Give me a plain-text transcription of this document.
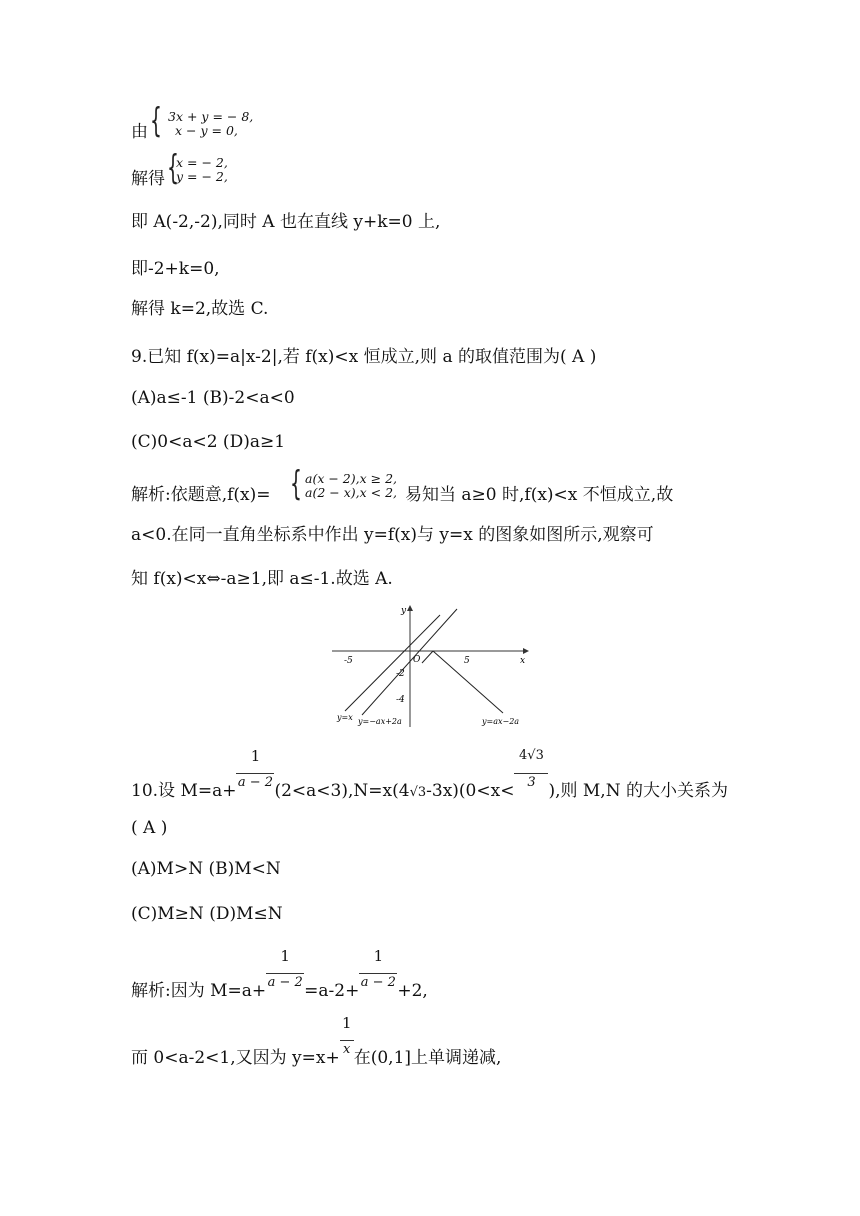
由 { 3x + y = − 8,
x − y = 0,
解得 {
x = − 2,
y = − 2,
即 A(-2,-2),同时 A 也在直线 y+k=0 上,
即-2+k=0,
解得 k=2,故选 C.
9.已知 f(x)=a|x-2|,若 f(x)<x 恒成立,则 a 的取值范围为( A )
(A)a≤-1 (B)-2<a<0
(C)0<a<2 (D)a≥1
解析:依题意,f(x)= { a(x − 2),x ≥ 2,
a(2 − x),x < 2, 易知当 a≥0 时,f(x)<x 不恒成立,故
a<0.在同一直角坐标系中作出 y=f(x)与 y=x 的图象如图所示,观察可
知 f(x)<x⇔-a≥1,即 a≤-1.故选 A.
x
y
O
-5	5
-2
-4
y=x y=−ax+2a	y=ax−2a
10.设 $M=a+ \frac{1}{a - 2} (2<a<3),N=x(4√3-3x)(0<x< \frac{4√3}{3}$ ),则 M,N 的大小关系为
( A )
(A)M>N (B)M<N
(C)M≥N (D)M≤N
解析:因为 $M=a+ \frac{1}{a - 2} =a-2+ \frac{1}{a - 2} +2$,
而 0<a-2<1,又因为 $y=x+ \frac{1}{x}$ 在(0,1]上单调递减,
